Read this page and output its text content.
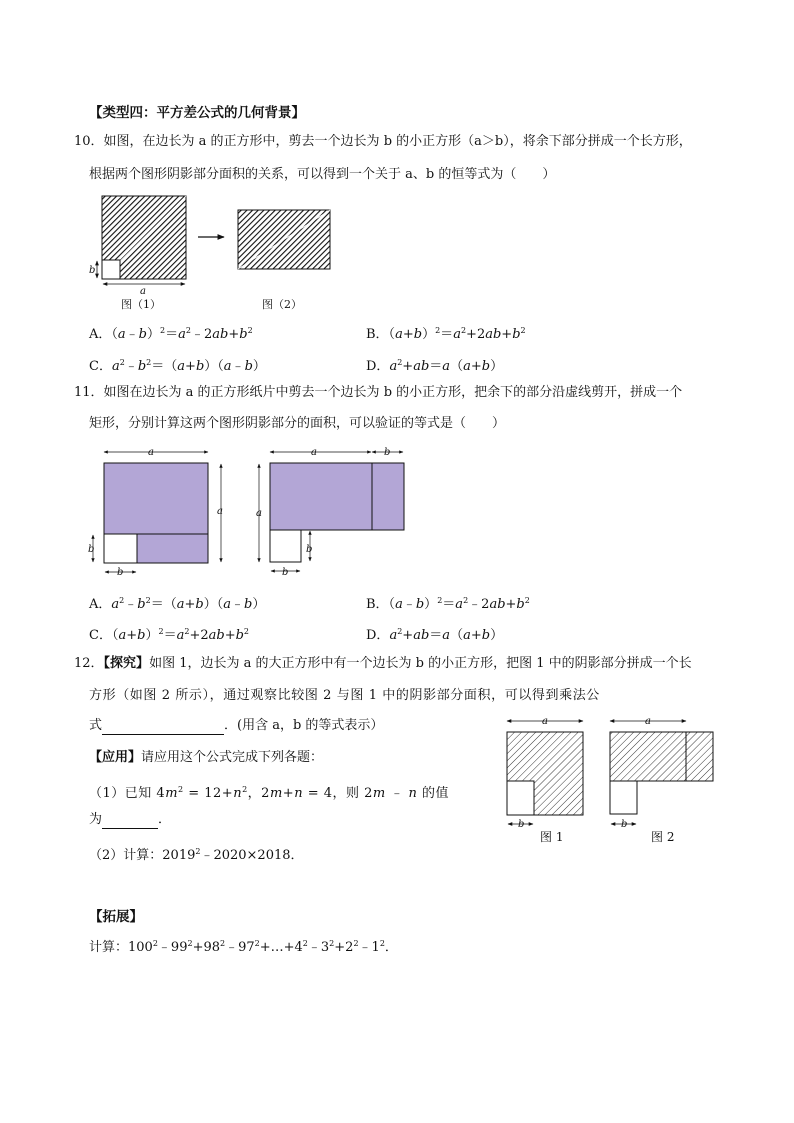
【类型四：平方差公式的几何背景】
10．如图，在边长为 a 的正方形中，剪去一个边长为 b 的小正方形（a＞b），将余下部分拼成一个长方形，
根据两个图形阴影部分面积的关系，可以得到一个关于 a、b 的恒等式为（　　）
a
b
图（1）	图（2）
A．$(a﹣b)^2=a^2﹣2ab+b^2$	B．$(a+b)^2=a^2+2ab+b^2$
C．$a^2﹣b^2=(a+b)(a﹣b)$	D．$a^2+ab=a(a+b)$
11．如图在边长为 a 的正方形纸片中剪去一个边长为 b 的小正方形，把余下的部分沿虚线剪开，拼成一个
矩形，分别计算这两个图形阴影部分的面积，可以验证的等式是（　　）
a
a
b
b
a	b
a
b
b
A．$a^2﹣b^2=(a+b)(a﹣b)$	B．$(a﹣b)^2=a^2﹣2ab+b^2$
C．$(a+b)^2=a^2+2ab+b^2$	D．$a^2+ab=a(a+b)$
12．【探究】如图 1，边长为 a 的大正方形中有一个边长为 b 的小正方形，把图 1 中的阴影部分拼成一个长
方形（如图 2 所示），通过观察比较图 2 与图 1 中的阴影部分面积，可以得到乘法公
式	．(用含 a，b 的等式表示）
【应用】请应用这个公式完成下列各题：
（1）已知 $4m^2 = 12+n^2$，2m+n = 4，则 2m ﹣ n 的值
为	．
（2）计算：$2019^2﹣2020\times 2018$．
a
b
图 1
a
b
图 2
【拓展】
计算：$100^2﹣99^2+98^2﹣97^2+\dots+4^2﹣3^2+2^2﹣1^2$．
